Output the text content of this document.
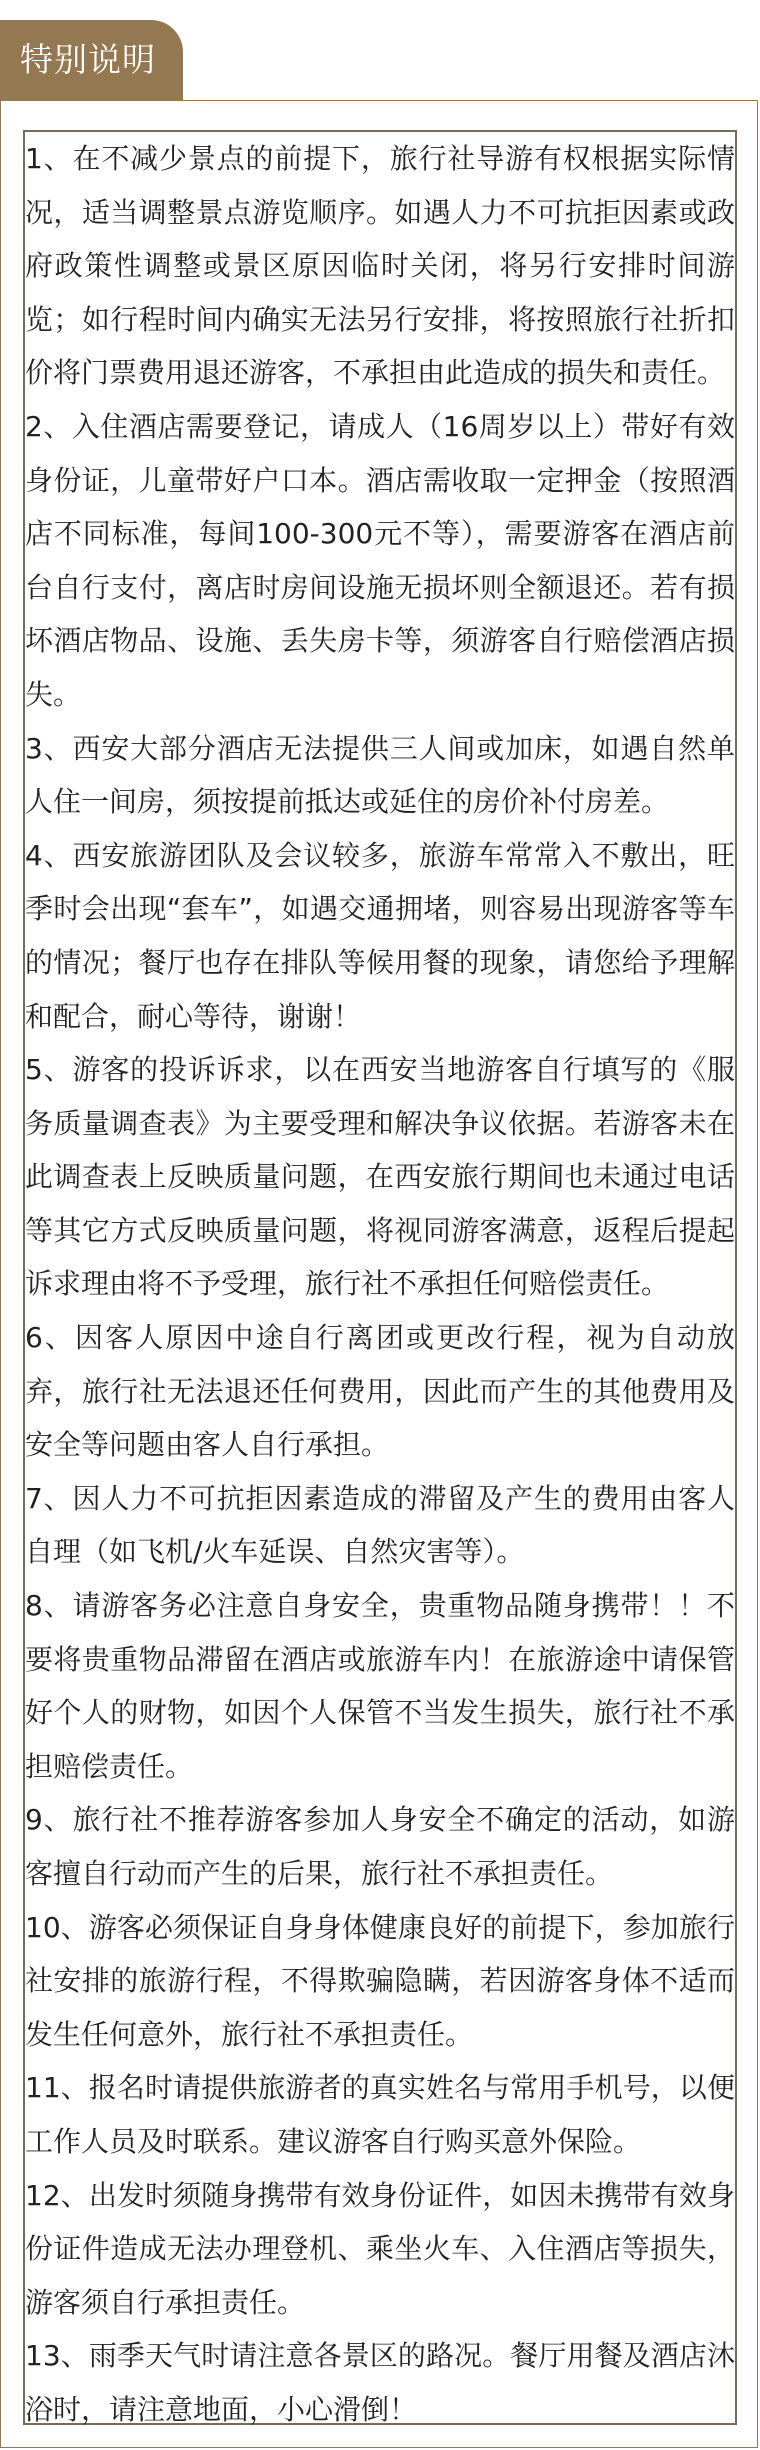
特别说明
1、在不减少景点的前提下，旅行社导游有权根据实际情况，适当调整景点游览顺序。如遇人力不可抗拒因素或政府政策性调整或景区原因临时关闭，将另行安排时间游览；如行程时间内确实无法另行安排，将按照旅行社折扣价将门票费用退还游客，不承担由此造成的损失和责任。
2、入住酒店需要登记，请成人（16周岁以上）带好有效身份证，儿童带好户口本。酒店需收取一定押金（按照酒店不同标准，每间100-300元不等），需要游客在酒店前台自行支付，离店时房间设施无损坏则全额退还。若有损坏酒店物品、设施、丢失房卡等，须游客自行赔偿酒店损失。
3、西安大部分酒店无法提供三人间或加床，如遇自然单人住一间房，须按提前抵达或延住的房价补付房差。
4、西安旅游团队及会议较多，旅游车常常入不敷出，旺季时会出现“套车”，如遇交通拥堵，则容易出现游客等车的情况；餐厅也存在排队等候用餐的现象，请您给予理解和配合，耐心等待，谢谢！
5、游客的投诉诉求，以在西安当地游客自行填写的《服务质量调查表》为主要受理和解决争议依据。若游客未在此调查表上反映质量问题，在西安旅行期间也未通过电话等其它方式反映质量问题，将视同游客满意，返程后提起诉求理由将不予受理，旅行社不承担任何赔偿责任。
6、因客人原因中途自行离团或更改行程，视为自动放弃，旅行社无法退还任何费用，因此而产生的其他费用及安全等问题由客人自行承担。
7、因人力不可抗拒因素造成的滞留及产生的费用由客人自理（如飞机/火车延误、自然灾害等）。
8、请游客务必注意自身安全，贵重物品随身携带！！不要将贵重物品滞留在酒店或旅游车内！在旅游途中请保管好个人的财物，如因个人保管不当发生损失，旅行社不承担赔偿责任。
9、旅行社不推荐游客参加人身安全不确定的活动，如游客擅自行动而产生的后果，旅行社不承担责任。
10、游客必须保证自身身体健康良好的前提下，参加旅行社安排的旅游行程，不得欺骗隐瞒，若因游客身体不适而发生任何意外，旅行社不承担责任。
11、报名时请提供旅游者的真实姓名与常用手机号，以便工作人员及时联系。建议游客自行购买意外保险。
12、出发时须随身携带有效身份证件，如因未携带有效身份证件造成无法办理登机、乘坐火车、入住酒店等损失，游客须自行承担责任。
13、雨季天气时请注意各景区的路况。餐厅用餐及酒店沐浴时，请注意地面，小心滑倒！
